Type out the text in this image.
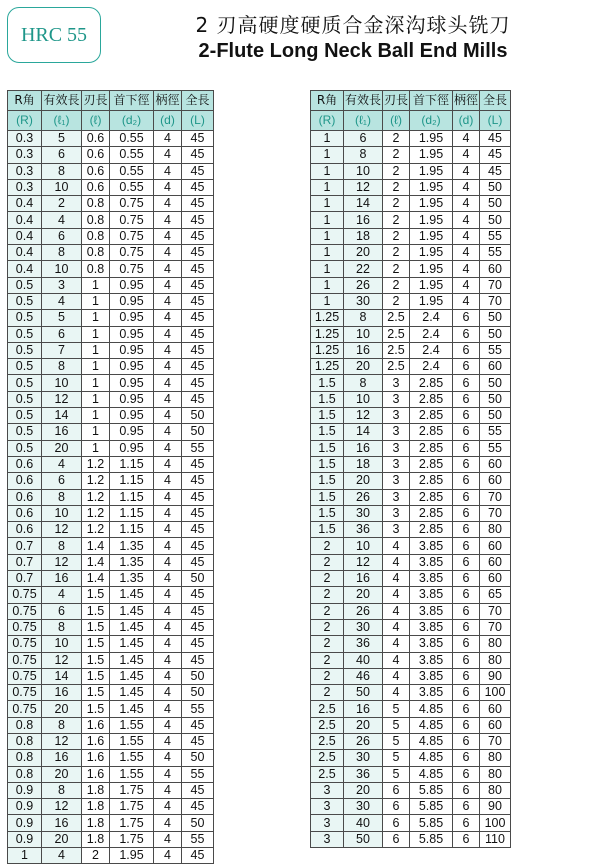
HRC 55	2 刃高硬度硬质合金深沟球头铣刀
2-Flute Long Neck Ball End Mills
R角	有效長	刃長	首下徑	柄徑	全長
(R)	(ℓ₁)	(ℓ)	(d₂)	(d)	(L)
0.3	5	0.6	0.55	4	45
0.3	6	0.6	0.55	4	45
0.3	8	0.6	0.55	4	45
0.3	10	0.6	0.55	4	45
0.4	2	0.8	0.75	4	45
0.4	4	0.8	0.75	4	45
0.4	6	0.8	0.75	4	45
0.4	8	0.8	0.75	4	45
0.4	10	0.8	0.75	4	45
0.5	3	1	0.95	4	45
0.5	4	1	0.95	4	45
0.5	5	1	0.95	4	45
0.5	6	1	0.95	4	45
0.5	7	1	0.95	4	45
0.5	8	1	0.95	4	45
0.5	10	1	0.95	4	45
0.5	12	1	0.95	4	45
0.5	14	1	0.95	4	50
0.5	16	1	0.95	4	50
0.5	20	1	0.95	4	55
0.6	4	1.2	1.15	4	45
0.6	6	1.2	1.15	4	45
0.6	8	1.2	1.15	4	45
0.6	10	1.2	1.15	4	45
0.6	12	1.2	1.15	4	45
0.7	8	1.4	1.35	4	45
0.7	12	1.4	1.35	4	45
0.7	16	1.4	1.35	4	50
0.75	4	1.5	1.45	4	45
0.75	6	1.5	1.45	4	45
0.75	8	1.5	1.45	4	45
0.75	10	1.5	1.45	4	45
0.75	12	1.5	1.45	4	45
0.75	14	1.5	1.45	4	50
0.75	16	1.5	1.45	4	50
0.75	20	1.5	1.45	4	55
0.8	8	1.6	1.55	4	45
0.8	12	1.6	1.55	4	45
0.8	16	1.6	1.55	4	50
0.8	20	1.6	1.55	4	55
0.9	8	1.8	1.75	4	45
0.9	12	1.8	1.75	4	45
0.9	16	1.8	1.75	4	50
0.9	20	1.8	1.75	4	55
1	4	2	1.95	4	45
R角	有效長	刃長	首下徑	柄徑	全長
(R)	(ℓ₁)	(ℓ)	(d₂)	(d)	(L)
1	6	2	1.95	4	45
1	8	2	1.95	4	45
1	10	2	1.95	4	45
1	12	2	1.95	4	50
1	14	2	1.95	4	50
1	16	2	1.95	4	50
1	18	2	1.95	4	55
1	20	2	1.95	4	55
1	22	2	1.95	4	60
1	26	2	1.95	4	70
1	30	2	1.95	4	70
1.25	8	2.5	2.4	6	50
1.25	10	2.5	2.4	6	50
1.25	16	2.5	2.4	6	55
1.25	20	2.5	2.4	6	60
1.5	8	3	2.85	6	50
1.5	10	3	2.85	6	50
1.5	12	3	2.85	6	50
1.5	14	3	2.85	6	55
1.5	16	3	2.85	6	55
1.5	18	3	2.85	6	60
1.5	20	3	2.85	6	60
1.5	26	3	2.85	6	70
1.5	30	3	2.85	6	70
1.5	36	3	2.85	6	80
2	10	4	3.85	6	60
2	12	4	3.85	6	60
2	16	4	3.85	6	60
2	20	4	3.85	6	65
2	26	4	3.85	6	70
2	30	4	3.85	6	70
2	36	4	3.85	6	80
2	40	4	3.85	6	80
2	46	4	3.85	6	90
2	50	4	3.85	6	100
2.5	16	5	4.85	6	60
2.5	20	5	4.85	6	60
2.5	26	5	4.85	6	70
2.5	30	5	4.85	6	80
2.5	36	5	4.85	6	80
3	20	6	5.85	6	80
3	30	6	5.85	6	90
3	40	6	5.85	6	100
3	50	6	5.85	6	110
